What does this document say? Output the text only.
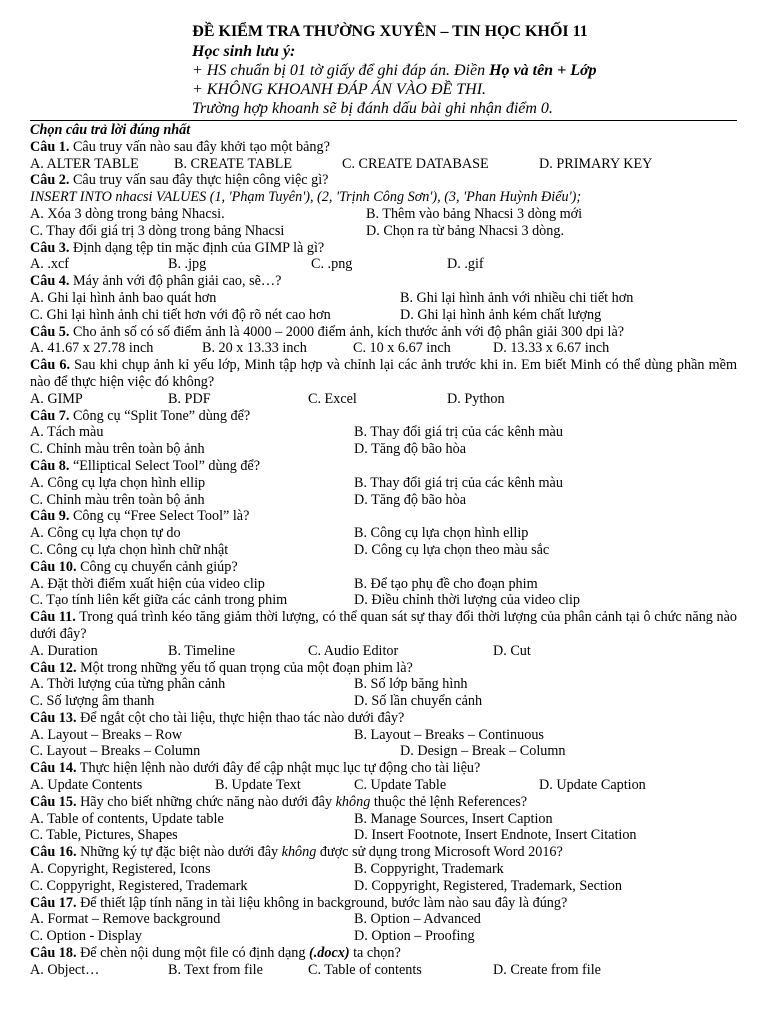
ĐỀ KIỂM TRA THƯỜNG XUYÊN – TIN HỌC KHỐI 11
Học sinh lưu ý:
+ HS chuẩn bị 01 tờ giấy để ghi đáp án. Điền Họ và tên + Lớp
+ KHÔNG KHOANH ĐÁP ÁN VÀO ĐỀ THI.
Trường hợp khoanh sẽ bị đánh dấu bài ghi nhận điểm 0.
Chọn câu trả lời đúng nhất
Câu 1. Câu truy vấn nào sau đây khởi tạo một bảng?
A. ALTER TABLE B. CREATE TABLE	C. CREATE DATABASE	D. PRIMARY KEY
Câu 2. Câu truy vấn sau đây thực hiện công việc gì?
INSERT INTO nhacsi VALUES (1, 'Phạm Tuyên'), (2, 'Trịnh Công Sơn'), (3, 'Phan Huỳnh Điểu');
A. Xóa 3 dòng trong bảng Nhacsi.	B. Thêm vào bảng Nhacsi 3 dòng mới
C. Thay đổi giá trị 3 dòng trong bảng Nhacsi	D. Chọn ra từ bảng Nhacsi 3 dòng.
Câu 3. Định dạng tệp tin mặc định của GIMP là gì?
A. .xcf	B. .jpg	C. .png	D. .gif
Câu 4. Máy ảnh với độ phân giải cao, sẽ…?
A. Ghi lại hình ảnh bao quát hơn	B. Ghi lại hình ảnh với nhiều chi tiết hơn
C. Ghi lại hình ảnh chi tiết hơn với độ rõ nét cao hơn	D. Ghi lại hình ảnh kém chất lượng
Câu 5. Cho ảnh số có số điểm ảnh là 4000 – 2000 điểm ảnh, kích thước ảnh với độ phân giải 300 dpi là?
A. 41.67 x 27.78 inch	B. 20 x 13.33 inch	C. 10 x 6.67 inch	D. 13.33 x 6.67 inch
Câu 6. Sau khi chụp ảnh kỉ yếu lớp, Minh tập hợp và chỉnh lại các ảnh trước khi in. Em biết Minh có thể dùng phần mềm nào để thực hiện việc đó không?
A. GIMP	B. PDF	C. Excel	D. Python
Câu 7. Công cụ “Split Tone” dùng để?
A. Tách màu	B. Thay đổi giá trị của các kênh màu
C. Chỉnh màu trên toàn bộ ảnh	D. Tăng độ bão hòa
Câu 8. “Elliptical Select Tool” dùng để?
A. Công cụ lựa chọn hình ellip	B. Thay đổi giá trị của các kênh màu
C. Chỉnh màu trên toàn bộ ảnh	D. Tăng độ bão hòa
Câu 9. Công cụ “Free Select Tool” là?
A. Công cụ lựa chọn tự do	B. Công cụ lựa chọn hình ellip
C. Công cụ lựa chọn hình chữ nhật	D. Công cụ lựa chọn theo màu sắc
Câu 10. Công cụ chuyển cảnh giúp?
A. Đặt thời điểm xuất hiện của video clip	B. Để tạo phụ đề cho đoạn phim
C. Tạo tính liên kết giữa các cảnh trong phim	D. Điều chỉnh thời lượng của video clip
Câu 11. Trong quá trình kéo tăng giảm thời lượng, có thể quan sát sự thay đổi thời lượng của phân cảnh tại ô chức năng nào dưới đây?
A. Duration	B. Timeline	C. Audio Editor	D. Cut
Câu 12. Một trong những yếu tố quan trọng của một đoạn phim là?
A. Thời lượng của từng phân cảnh	B. Số lớp băng hình
C. Số lượng âm thanh	D. Số lần chuyển cảnh
Câu 13. Để ngắt cột cho tài liệu, thực hiện thao tác nào dưới đây?
A. Layout – Breaks – Row	B. Layout – Breaks – Continuous
C. Layout – Breaks – Column	D. Design – Break – Column
Câu 14. Thực hiện lệnh nào dưới đây để cập nhật mục lục tự động cho tài liệu?
A. Update Contents	B. Update Text	C. Update Table	D. Update Caption
Câu 15. Hãy cho biết những chức năng nào dưới đây không thuộc thẻ lệnh References?
A. Table of contents, Update table	B. Manage Sources, Insert Caption
C. Table, Pictures, Shapes	D. Insert Footnote, Insert Endnote, Insert Citation
Câu 16. Những ký tự đặc biệt nào dưới đây không được sử dụng trong Microsoft Word 2016?
A. Copyright, Registered, Icons	B. Coppyright, Trademark
C. Coppyright, Registered, Trademark	D. Coppyright, Registered, Trademark, Section
Câu 17. Để thiết lập tính năng in tài liệu không in background, bước làm nào sau đây là đúng?
A. Format – Remove background	B. Option – Advanced
C. Option - Display	D. Option – Proofing
Câu 18. Để chèn nội dung một file có định dạng (.docx) ta chọn?
A. Object…	B. Text from file	C. Table of contents	D. Create from file
